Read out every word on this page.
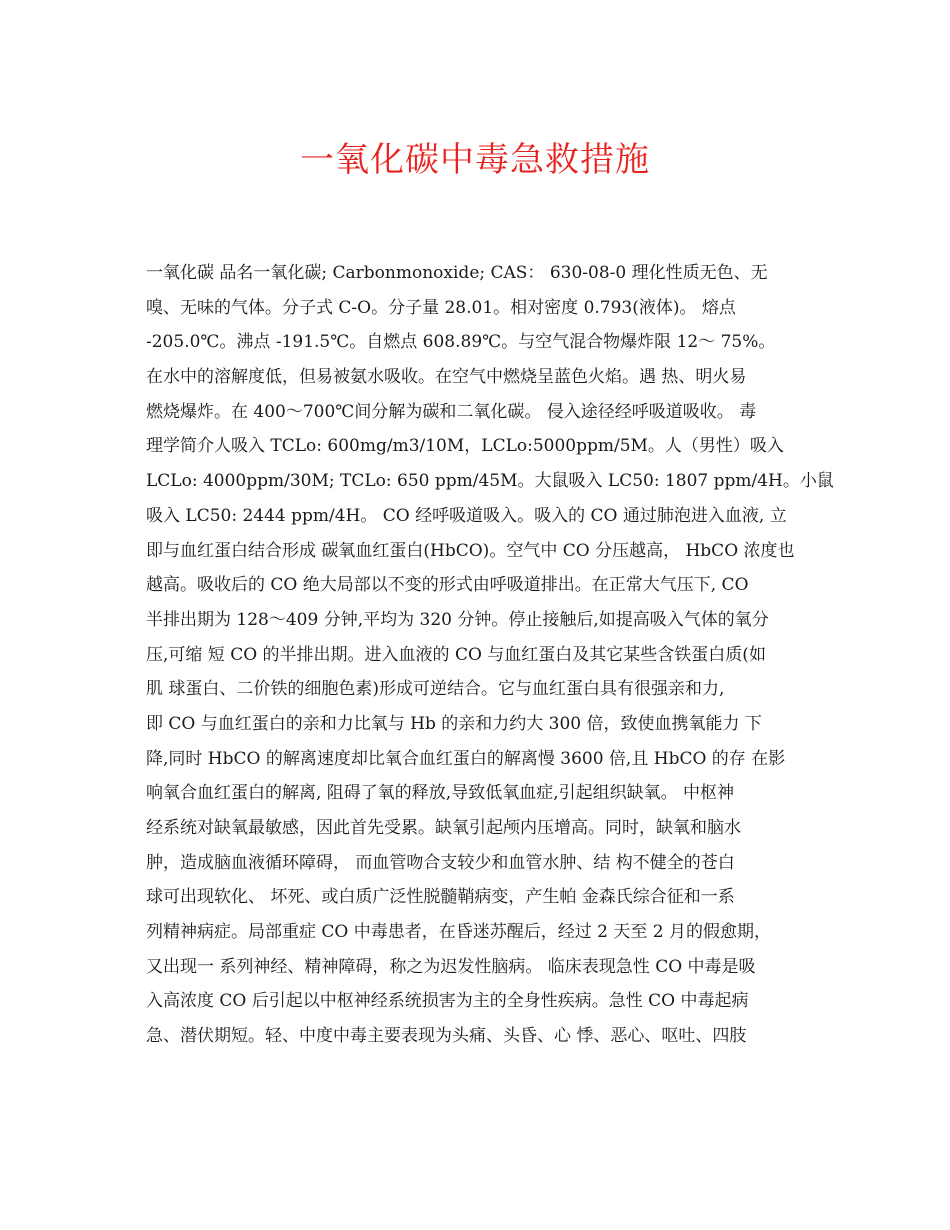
一氧化碳中毒急救措施
一氧化碳 品名一氧化碳; Carbonmonoxide; CAS： 630-08-0 理化性质无色、无
嗅、无味的气体。分子式 C-O。分子量 28.01。相对密度 0.793(液体)。 熔点
-205.0℃。沸点 -191.5℃。自燃点 608.89℃。与空气混合物爆炸限 12～ 75%。
在水中的溶解度低，但易被氨水吸收。在空气中燃烧呈蓝色火焰。遇 热、明火易
燃烧爆炸。在 400～700℃间分解为碳和二氧化碳。 侵入途径经呼吸道吸收。 毒
理学简介人吸入 TCLo: 600mg/m3/10M，LCLo:5000ppm/5M。人（男性）吸入
LCLo: 4000ppm/30M; TCLo: 650 ppm/45M。大鼠吸入 LC50: 1807 ppm/4H。小鼠
吸入 LC50: 2444 ppm/4H。 CO 经呼吸道吸入。吸入的 CO 通过肺泡进入血液, 立
即与血红蛋白结合形成 碳氧血红蛋白(HbCO)。空气中 CO 分压越高， HbCO 浓度也
越高。吸收后的 CO 绝大局部以不变的形式由呼吸道排出。在正常大气压下, CO
半排出期为 128～409 分钟,平均为 320 分钟。停止接触后,如提高吸入气体的氧分
压,可缩 短 CO 的半排出期。进入血液的 CO 与血红蛋白及其它某些含铁蛋白质(如
肌 球蛋白、二价铁的细胞色素)形成可逆结合。它与血红蛋白具有很强亲和力,
即 CO 与血红蛋白的亲和力比氧与 Hb 的亲和力约大 300 倍，致使血携氧能力 下
降,同时 HbCO 的解离速度却比氧合血红蛋白的解离慢 3600 倍,且 HbCO 的存 在影
响氧合血红蛋白的解离, 阻碍了氧的释放,导致低氧血症,引起组织缺氧。 中枢神
经系统对缺氧最敏感，因此首先受累。缺氧引起颅内压增高。同时，缺氧和脑水
肿，造成脑血液循环障碍， 而血管吻合支较少和血管水肿、结 构不健全的苍白
球可出现软化、 坏死、或白质广泛性脱髓鞘病变，产生帕 金森氏综合征和一系
列精神病症。局部重症 CO 中毒患者，在昏迷苏醒后，经过 2 天至 2 月的假愈期，
又出现一 系列神经、精神障碍，称之为迟发性脑病。 临床表现急性 CO 中毒是吸
入高浓度 CO 后引起以中枢神经系统损害为主的全身性疾病。急性 CO 中毒起病
急、潜伏期短。轻、中度中毒主要表现为头痛、头昏、心 悸、恶心、呕吐、四肢
